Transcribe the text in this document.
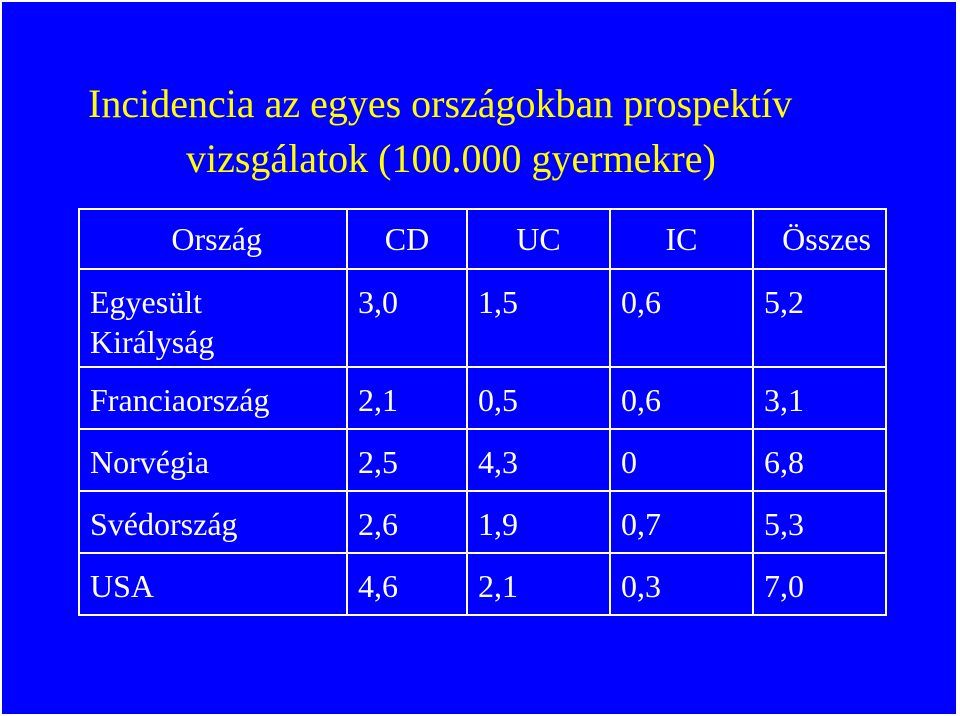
Incidencia az egyes országokban prospektív
vizsgálatok (100.000 gyermekre)
Ország	CD	UC	IC	Összes

Egyesült
Királyság	3,0	1,5	0,6	5,2

Franciaország	2,1	0,5	0,6	3,1

Norvégia	2,5	4,3	0	6,8

Svédország	2,6	1,9	0,7	5,3

USA	4,6	2,1	0,3	7,0
